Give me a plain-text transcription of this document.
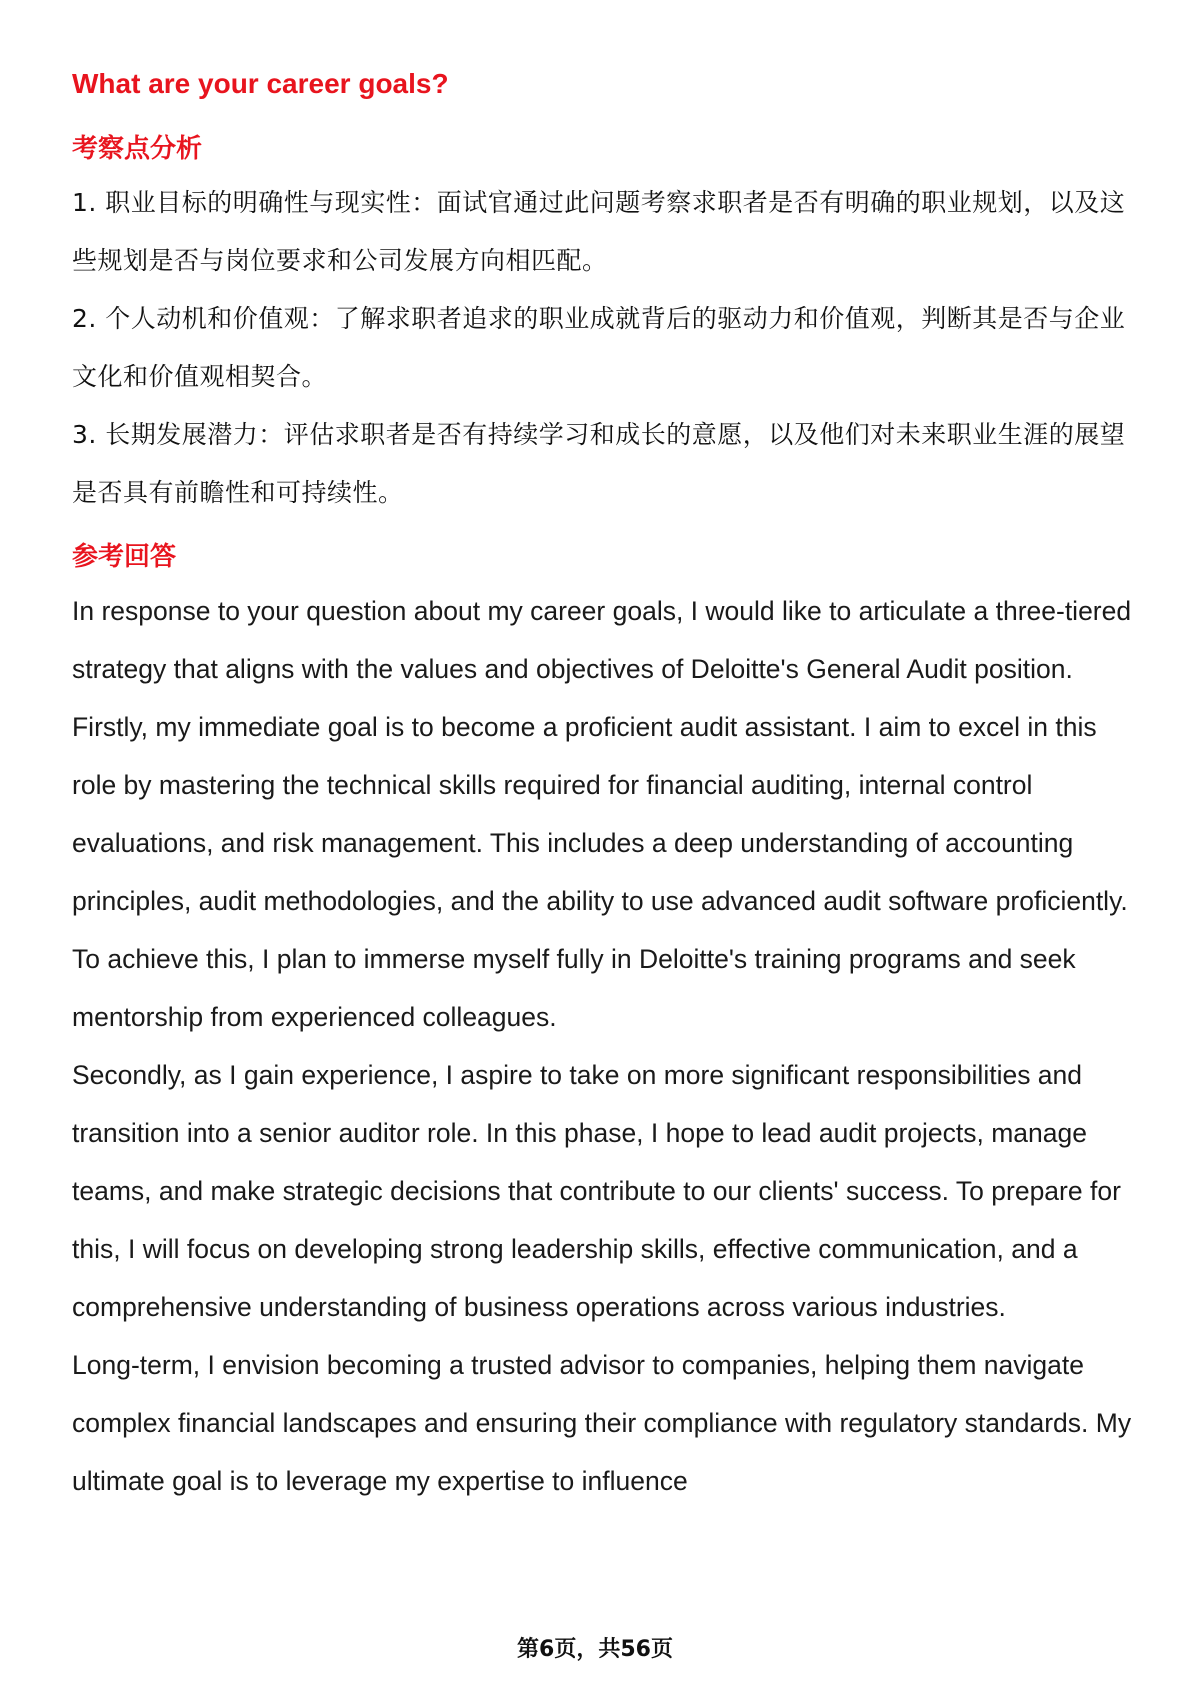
What are your career goals?
考察点分析

1. 职业目标的明确性与现实性：面试官通过此问题考察求职者是否有明确的职业规划，以及这些规划是否与岗位要求和公司发展方向相匹配。

2. 个人动机和价值观：了解求职者追求的职业成就背后的驱动力和价值观，判断其是否与企业文化和价值观相契合。

3. 长期发展潜力：评估求职者是否有持续学习和成长的意愿，以及他们对未来职业生涯的展望是否具有前瞻性和可持续性。

参考回答

In response to your question about my career goals, I would like to articulate a three-tiered strategy that aligns with the values and objectives of Deloitte's General Audit position.

Firstly, my immediate goal is to become a proficient audit assistant. I aim to excel in this role by mastering the technical skills required for financial auditing, internal control evaluations, and risk management. This includes a deep understanding of accounting principles, audit methodologies, and the ability to use advanced audit software proficiently. To achieve this, I plan to immerse myself fully in Deloitte's training programs and seek mentorship from experienced colleagues.

Secondly, as I gain experience, I aspire to take on more significant responsibilities and transition into a senior auditor role. In this phase, I hope to lead audit projects, manage teams, and make strategic decisions that contribute to our clients' success. To prepare for this, I will focus on developing strong leadership skills, effective communication, and a comprehensive understanding of business operations across various industries.

Long-term, I envision becoming a trusted advisor to companies, helping them navigate complex financial landscapes and ensuring their compliance with regulatory standards. My ultimate goal is to leverage my expertise to influence

第6页，共56页
